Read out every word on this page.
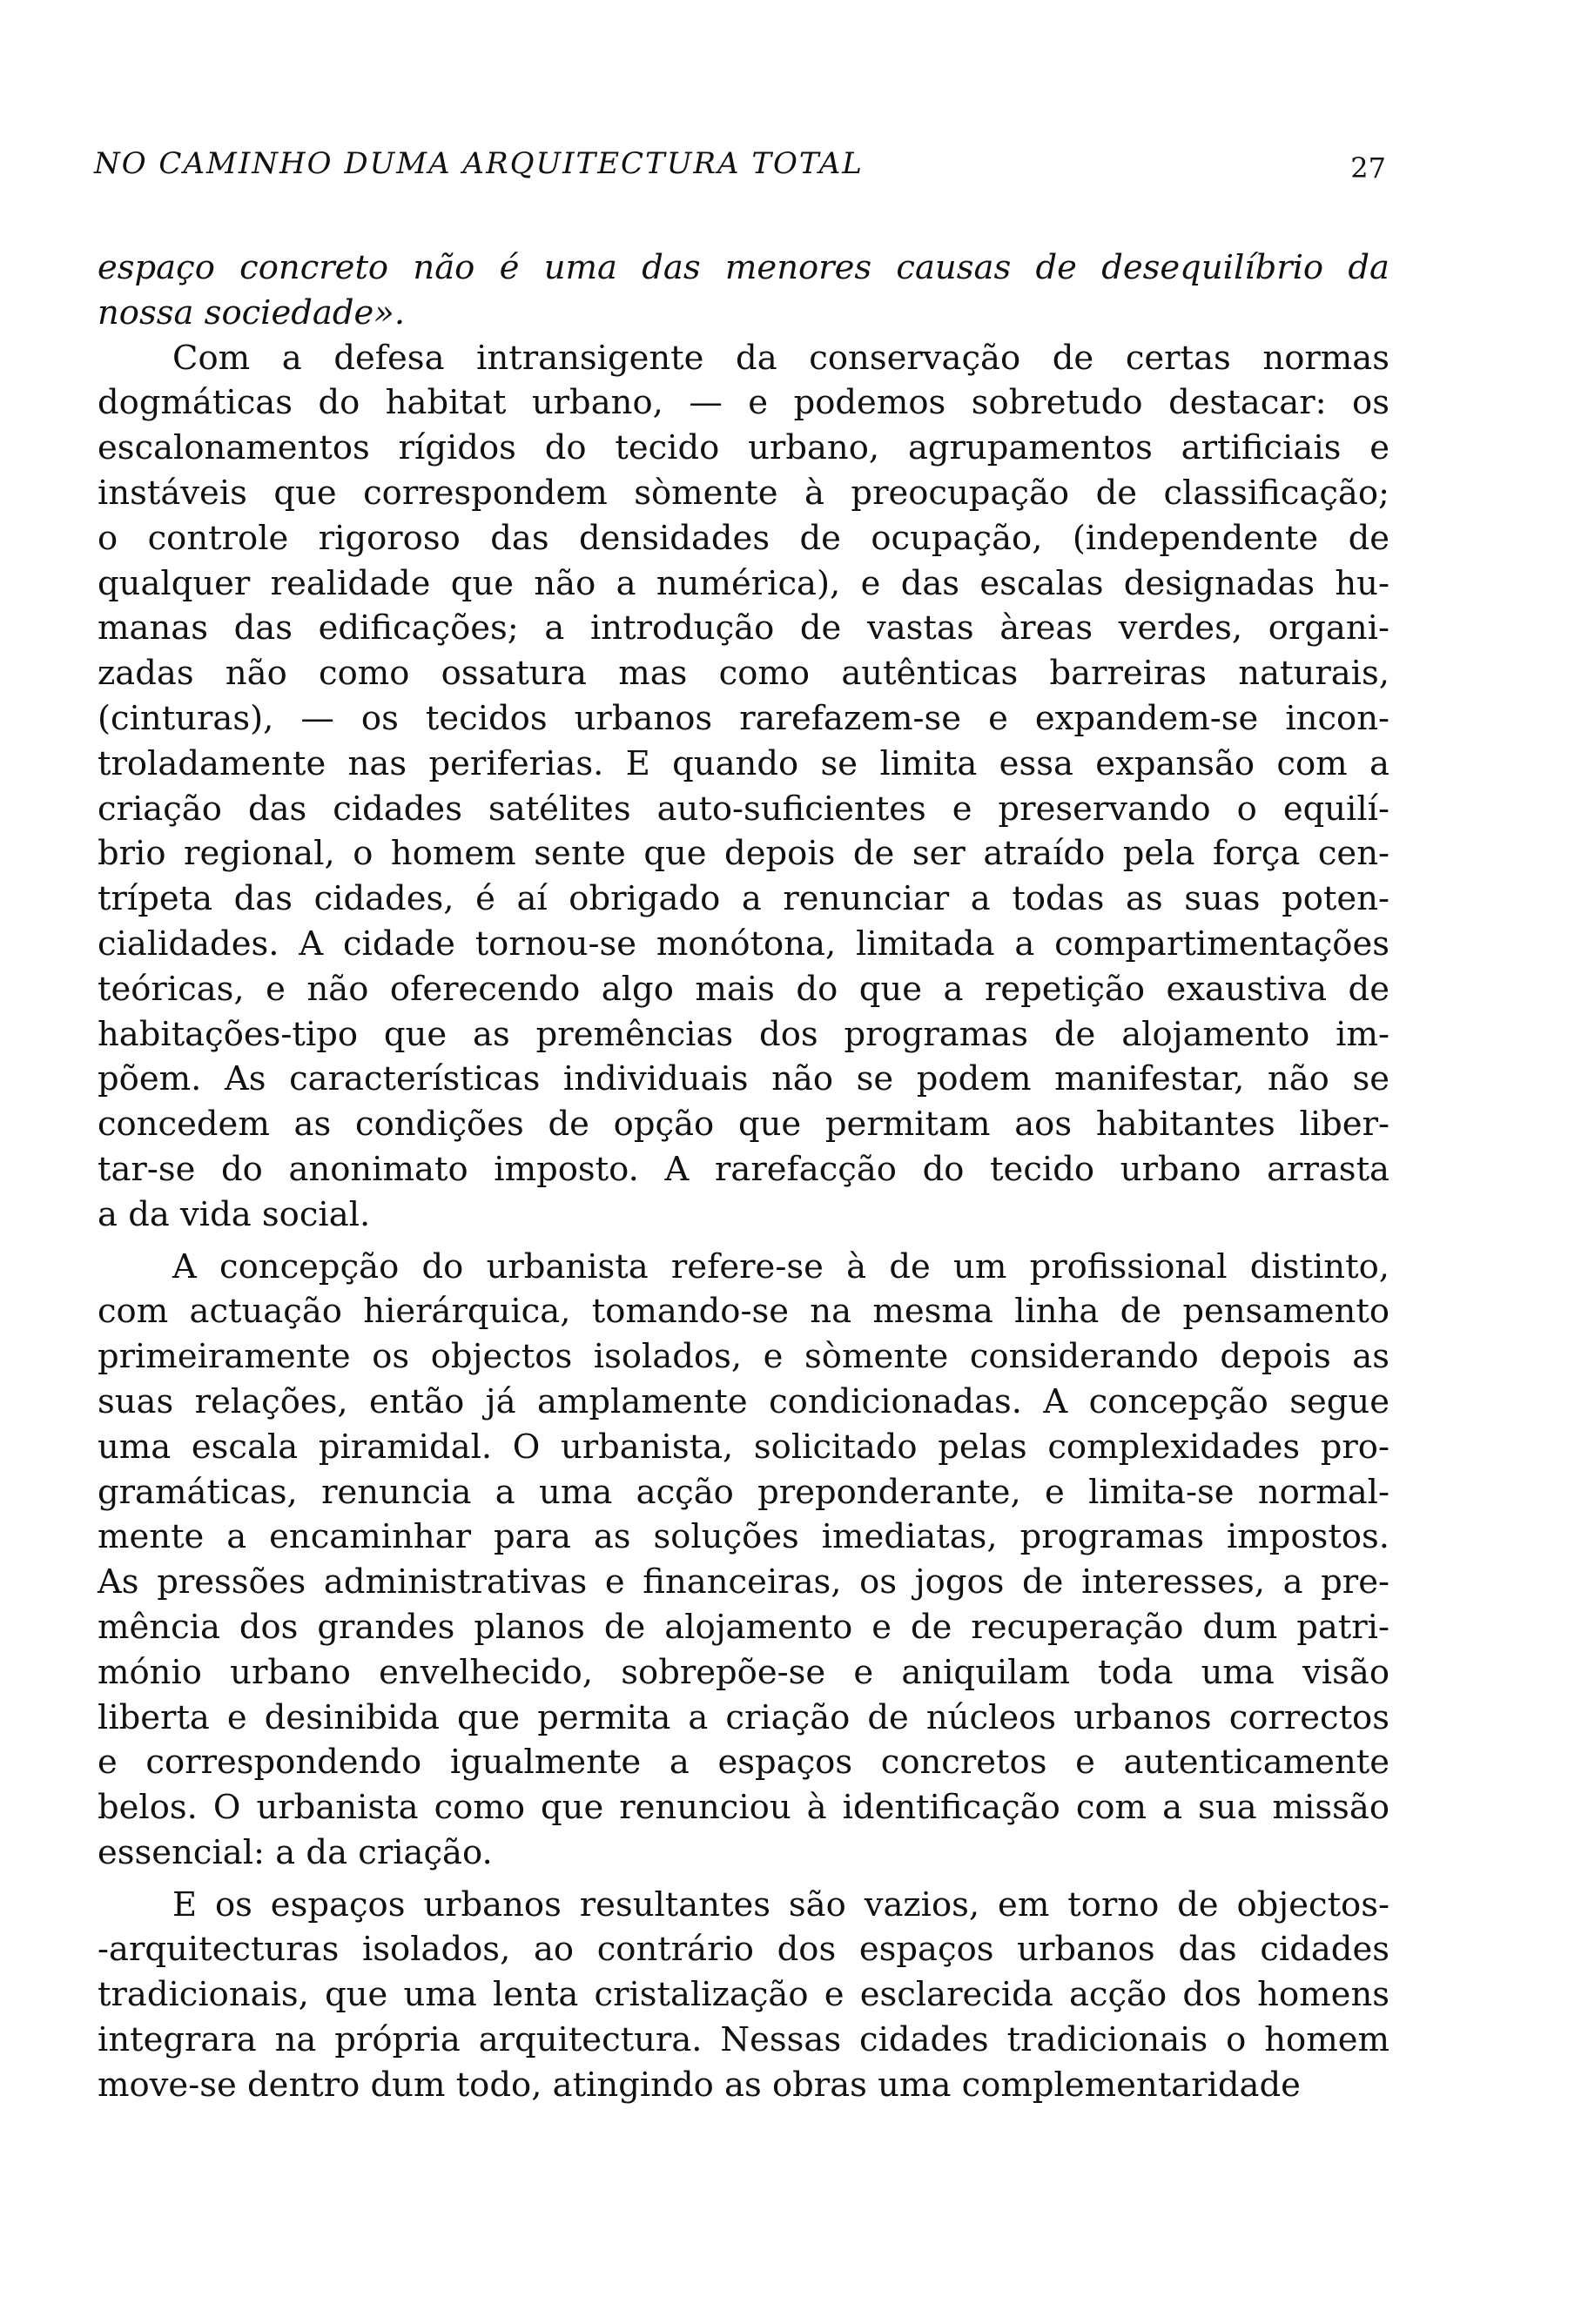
NO CAMINHO DUMA ARQUITECTURA TOTAL	27
espaço concreto não é uma das menores causas de desequilíbrio da
nossa sociedade».
Com a defesa intransigente da conservação de certas normas
dogmáticas do habitat urbano, — e podemos sobretudo destacar: os
escalonamentos rígidos do tecido urbano, agrupamentos artificiais e
instáveis que correspondem sòmente à preocupação de classificação;
o controle rigoroso das densidades de ocupação, (independente de
qualquer realidade que não a numérica), e das escalas designadas hu-
manas das edificações; a introdução de vastas àreas verdes, organi-
zadas não como ossatura mas como autênticas barreiras naturais,
(cinturas), — os tecidos urbanos rarefazem-se e expandem-se incon-
troladamente nas periferias. E quando se limita essa expansão com a
criação das cidades satélites auto-suficientes e preservando o equilí-
brio regional, o homem sente que depois de ser atraído pela força cen-
trípeta das cidades, é aí obrigado a renunciar a todas as suas poten-
cialidades. A cidade tornou-se monótona, limitada a compartimentações
teóricas, e não oferecendo algo mais do que a repetição exaustiva de
habitações-tipo que as premências dos programas de alojamento im-
põem. As características individuais não se podem manifestar, não se
concedem as condições de opção que permitam aos habitantes liber-
tar-se do anonimato imposto. A rarefacção do tecido urbano arrasta
a da vida social.
A concepção do urbanista refere-se à de um profissional distinto,
com actuação hierárquica, tomando-se na mesma linha de pensamento
primeiramente os objectos isolados, e sòmente considerando depois as
suas relações, então já amplamente condicionadas. A concepção segue
uma escala piramidal. O urbanista, solicitado pelas complexidades pro-
gramáticas, renuncia a uma acção preponderante, e limita-se normal-
mente a encaminhar para as soluções imediatas, programas impostos.
As pressões administrativas e financeiras, os jogos de interesses, a pre-
mência dos grandes planos de alojamento e de recuperação dum patri-
mónio urbano envelhecido, sobrepõe-se e aniquilam toda uma visão
liberta e desinibida que permita a criação de núcleos urbanos correctos
e correspondendo igualmente a espaços concretos e autenticamente
belos. O urbanista como que renunciou à identificação com a sua missão
essencial: a da criação.
E os espaços urbanos resultantes são vazios, em torno de objectos-
-arquitecturas isolados, ao contrário dos espaços urbanos das cidades
tradicionais, que uma lenta cristalização e esclarecida acção dos homens
integrara na própria arquitectura. Nessas cidades tradicionais o homem
move-se dentro dum todo, atingindo as obras uma complementaridade
